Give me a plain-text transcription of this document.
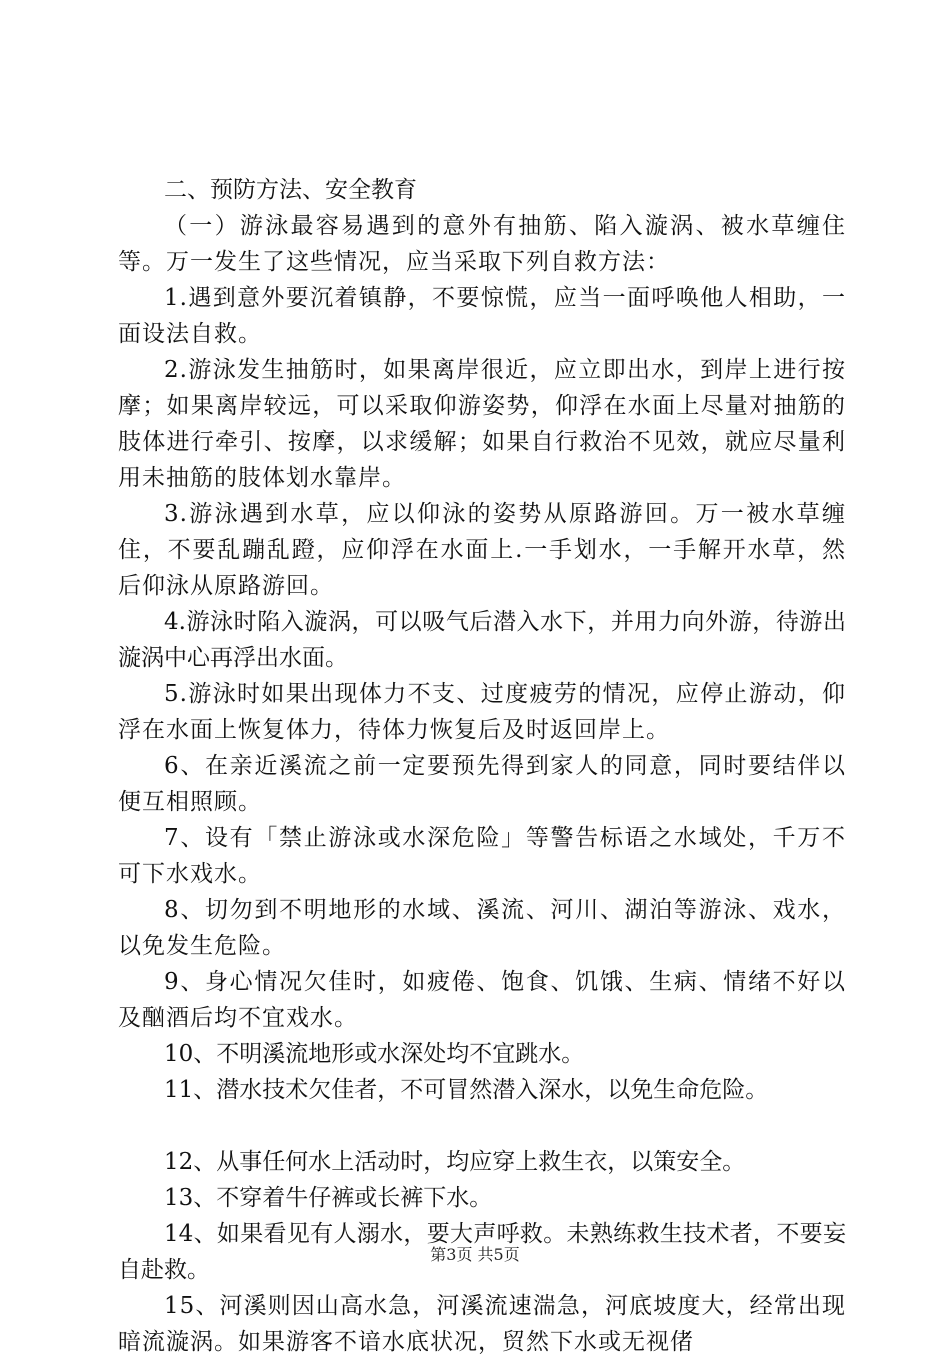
二、预防方法、安全教育

（一）游泳最容易遇到的意外有抽筋、陷入漩涡、被水草缠住等。万一发生了这些情况，应当采取下列自救方法：

1.遇到意外要沉着镇静，不要惊慌，应当一面呼唤他人相助，一面设法自救。

2.游泳发生抽筋时，如果离岸很近，应立即出水，到岸上进行按摩；如果离岸较远，可以采取仰游姿势，仰浮在水面上尽量对抽筋的肢体进行牵引、按摩，以求缓解；如果自行救治不见效，就应尽量利用未抽筋的肢体划水靠岸。

3.游泳遇到水草，应以仰泳的姿势从原路游回。万一被水草缠住，不要乱蹦乱蹬，应仰浮在水面上.一手划水，一手解开水草，然后仰泳从原路游回。

4.游泳时陷入漩涡，可以吸气后潜入水下，并用力向外游，待游出漩涡中心再浮出水面。

5.游泳时如果出现体力不支、过度疲劳的情况，应停止游动，仰浮在水面上恢复体力，待体力恢复后及时返回岸上。

6、在亲近溪流之前一定要预先得到家人的同意，同时要结伴以便互相照顾。

7、设有「禁止游泳或水深危险」等警告标语之水域处，千万不可下水戏水。

8、切勿到不明地形的水域、溪流、河川、湖泊等游泳、戏水，以免发生危险。

9、身心情况欠佳时，如疲倦、饱食、饥饿、生病、情绪不好以及酗酒后均不宜戏水。

10、不明溪流地形或水深处均不宜跳水。

11、潜水技术欠佳者，不可冒然潜入深水，以免生命危险。

12、从事任何水上活动时，均应穿上救生衣，以策安全。

13、不穿着牛仔裤或长裤下水。

14、如果看见有人溺水，要大声呼救。未熟练救生技术者，不要妄自赴救。

15、河溪则因山高水急，河溪流速湍急，河底坡度大，经常出现暗流漩涡。如果游客不谙水底状况，贸然下水或无视偖

第3页 共5页
